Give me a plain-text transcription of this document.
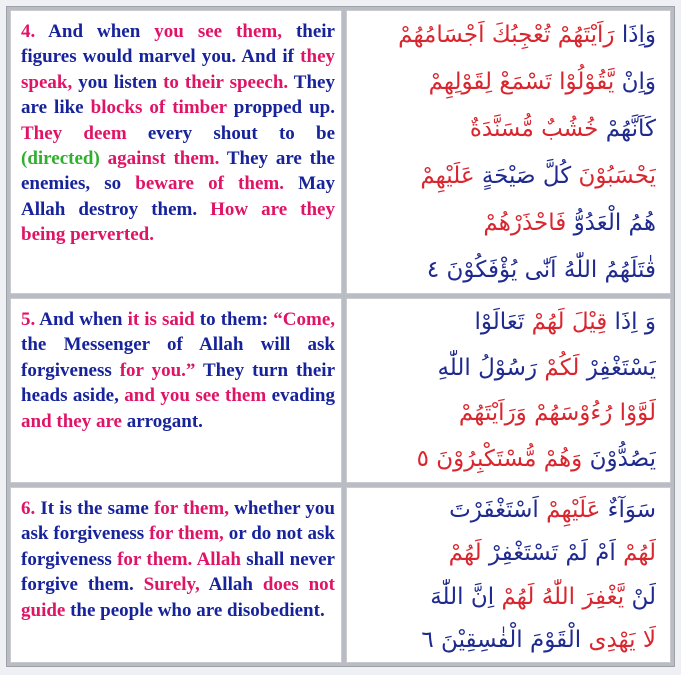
4. And when you see them, their figures would marvel you. And if they speak, you listen to their speech. They are like blocks of timber propped up. They deem every shout to be (directed) against them. They are the enemies, so beware of them. May Allah destroy them. How are they being perverted.

وَاِذَا رَاَيْتَهُمْ تُعْجِبُكَ اَجْسَامُهُمْ
وَاِنْ يَّقُوْلُوْا تَسْمَعْ لِقَوْلِهِمْ
كَاَنَّهُمْ خُشُبٌ مُّسَنَّدَةٌ
يَحْسَبُوْنَ كُلَّ صَيْحَةٍ عَلَيْهِمْ
هُمُ الْعَدُوُّ فَاحْذَرْهُمْ
قٰتَلَهُمُ اللّٰهُ اَنّٰى يُؤْفَكُوْنَ ٤

5. And when it is said to them: “Come, the Messenger of Allah will ask forgiveness for you.” They turn their heads aside, and you see them evading and they are arrogant.

وَ اِذَا قِيْلَ لَهُمْ تَعَالَوْا
يَسْتَغْفِرْ لَكُمْ رَسُوْلُ اللّٰهِ
لَوَّوْا رُءُوْسَهُمْ وَرَاَيْتَهُمْ
يَصُدُّوْنَ وَهُمْ مُّسْتَكْبِرُوْنَ ٥

6. It is the same for them, whether you ask forgiveness for them, or do not ask forgiveness for them. Allah shall never forgive them. Surely, Allah does not guide the people who are disobedient.

سَوَآءٌ عَلَيْهِمْ اَسْتَغْفَرْتَ
لَهُمْ اَمْ لَمْ تَسْتَغْفِرْ لَهُمْ
لَنْ يَّغْفِرَ اللّٰهُ لَهُمْ اِنَّ اللّٰهَ
لَا يَهْدِى الْقَوْمَ الْفٰسِقِيْنَ ٦
